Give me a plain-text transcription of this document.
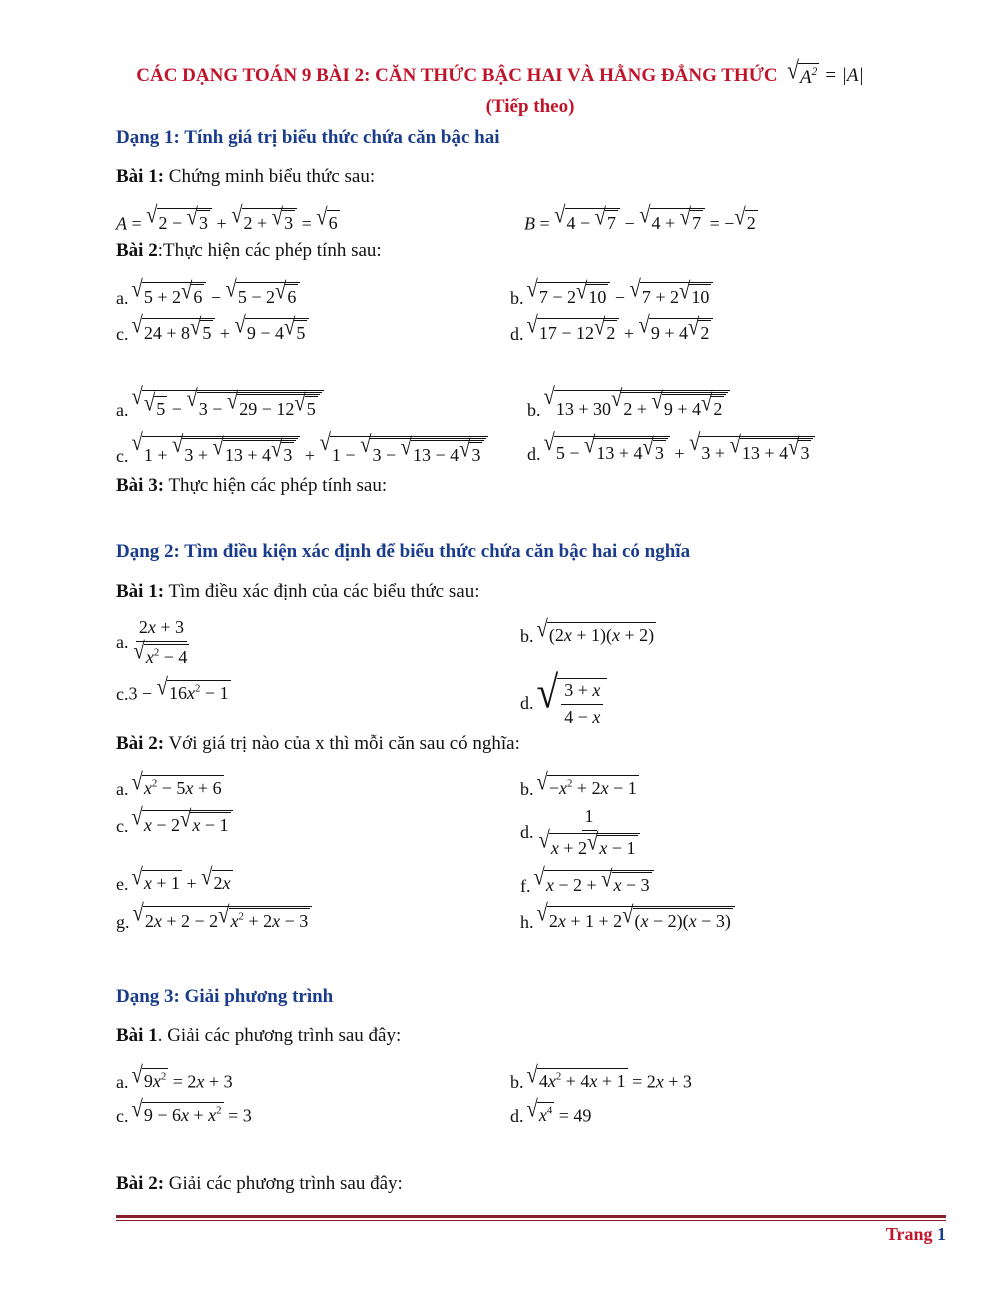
CÁC DẠNG TOÁN 9 BÀI 2: CĂN THỨC BẬC HAI VÀ HẰNG ĐẲNG THỨC √ $A^2 = |A|$
(Tiếp theo)
Dạng 1: Tính giá trị biểu thức chứa căn bậc hai
Bài 1: Chứng minh biểu thức sau:
A = √ 2 − √ 3 + √ 2 + √ 3 = √ 6	B = √ 4 − √ 7 − √ 4 + √ 7 = − √ 2
Bài 2:Thực hiện các phép tính sau:
a. √ 5 + 2 √ 6 − √ 5 − 2 √ 6	b. √ 7 − 2 √ 10 − √ 7 + 2 √ 10
c. √ 24 + 8 √ 5 + √ 9 − 4 √ 5	d. √ 17 − 12 √ 2 + √ 9 + 4 √ 2
a. √ √ 5 − √ 3 − √ 29 − 12 √ 5	b. √ 13 + 30 √ 2 + √ 9 + 4 √ 2
c. √ 1 + √ 3 + √ 13 + 4 √ 3 + √ 1 − √ 3 − √ 13 − 4 √ 3	d. √ 5 − √ 13 + 4 √ 3 + √ 3 + √ 13 + 4 √ 3
Bài 3: Thực hiện các phép tính sau:
Dạng 2: Tìm điều kiện xác định để biểu thức chứa căn bậc hai có nghĩa
Bài 1: Tìm điều xác định của các biểu thức sau:
a. $\frac{2x + 3}{√ x^2 - 4}$	b. √ (2x + 1)(x + 2)
c. 3 − √ $16x^2 - 1$	d. √ $\frac{3 + x}{4 - x}$
Bài 2: Với giá trị nào của x thì mỗi căn sau có nghĩa:
a. √ $x^2 - 5x + 6$	b. √ $-x^2 + 2x - 1$
c. √ x − 2 √ x − 1	d. $\frac{1}{√ x + 2 √ x - 1}$
e. √ x + 1 + √ 2x	f. √ x − 2 + √ x − 3
g. √ 2x + 2 − 2 √ $x^2 + 2x - 3$	h. √ 2x + 1 + 2 √ (x − 2)(x − 3)
Dạng 3: Giải phương trình
Bài 1. Giải các phương trình sau đây:
a. √ $9x^2 = 2x + 3$	b. √ $4x^2 + 4x + 1 = 2x + 3$
c. √ $9 - 6x + x^2 = 3$	d. √ $x^4 = 49$
Bài 2: Giải các phương trình sau đây:
Trang 1
